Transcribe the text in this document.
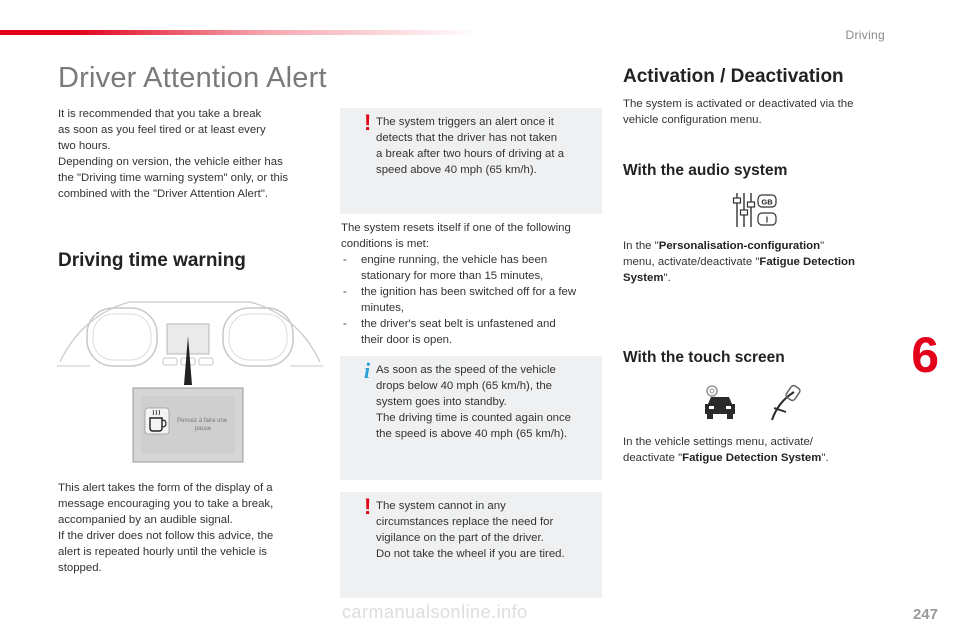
Driving
Driver Attention Alert

It is recommended that you take a break

as soon as you feel tired or at least every

two hours.

Depending on version, the vehicle either has

the "Driving time warning system" only, or this

combined with the "Driver Attention Alert".

Driving time warning
Pensez à faire une pause

This alert takes the form of the display of a

message encouraging you to take a break,

accompanied by an audible signal.

If the driver does not follow this advice, the

alert is repeated hourly until the vehicle is

stopped.

! The system triggers an alert once it

detects that the driver has not taken

a break after two hours of driving at a

speed above 40 mph (65 km/h).

The system resets itself if one of the following

conditions is met:

- engine running, the vehicle has been

stationary for more than 15 minutes,

- the ignition has been switched off for a few

minutes,

- the driver's seat belt is unfastened and

their door is open.

i As soon as the speed of the vehicle

drops below 40 mph (65 km/h), the

system goes into standby.

The driving time is counted again once

the speed is above 40 mph (65 km/h).

! The system cannot in any

circumstances replace the need for

vigilance on the part of the driver.

Do not take the wheel if you are tired.

Activation / Deactivation

The system is activated or deactivated via the

vehicle configuration menu.

With the audio system
GB
I

In the "Personalisation-configuration"

menu, activate/deactivate "Fatigue Detection

System".

With the touch screen

In the vehicle settings menu, activate/

deactivate "Fatigue Detection System".

6
carmanualsonline.info	247
